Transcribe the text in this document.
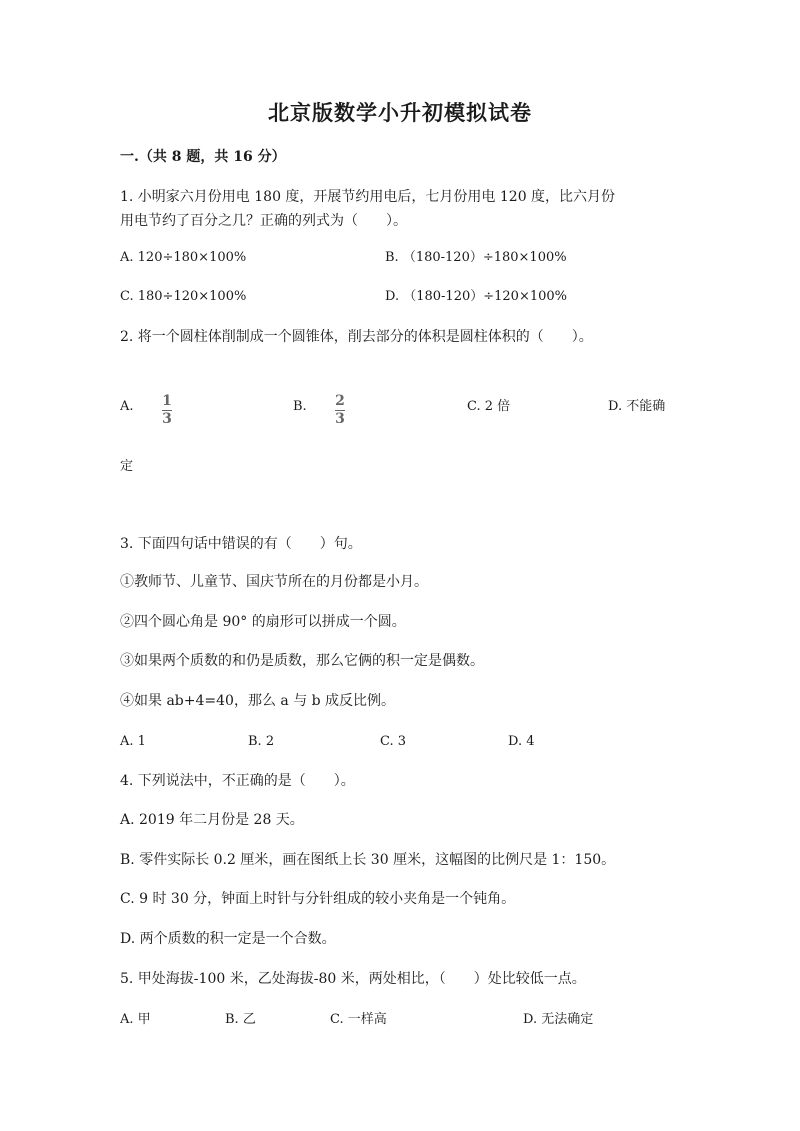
北京版数学小升初模拟试卷
一.（共 8 题，共 16 分）
1. 小明家六月份用电 180 度，开展节约用电后，七月份用电 120 度，比六月份
用电节约了百分之几？正确的列式为（　　）。
A. 120÷180×100%	B. （180-120）÷180×100%
C. 180÷120×100%	D. （180-120）÷120×100%
2. 将一个圆柱体削制成一个圆锥体，削去部分的体积是圆柱体积的（　　）。
A. $\frac{1}{3}$	B. $\frac{2}{3}$	C. 2 倍	D. 不能确
定
3. 下面四句话中错误的有（　　）句。
①教师节、儿童节、国庆节所在的月份都是小月。
②四个圆心角是 90° 的扇形可以拼成一个圆。
③如果两个质数的和仍是质数，那么它俩的积一定是偶数。
④如果 ab+4=40，那么 a 与 b 成反比例。
A. 1	B. 2	C. 3	D. 4
4. 下列说法中，不正确的是（　　）。
A. 2019 年二月份是 28 天。
B. 零件实际长 0.2 厘米，画在图纸上长 30 厘米，这幅图的比例尺是 1：150。
C. 9 时 30 分，钟面上时针与分针组成的较小夹角是一个钝角。
D. 两个质数的积一定是一个合数。
5. 甲处海拔-100 米，乙处海拔-80 米，两处相比，（　　）处比较低一点。
A. 甲	B. 乙	C. 一样高	D. 无法确定
